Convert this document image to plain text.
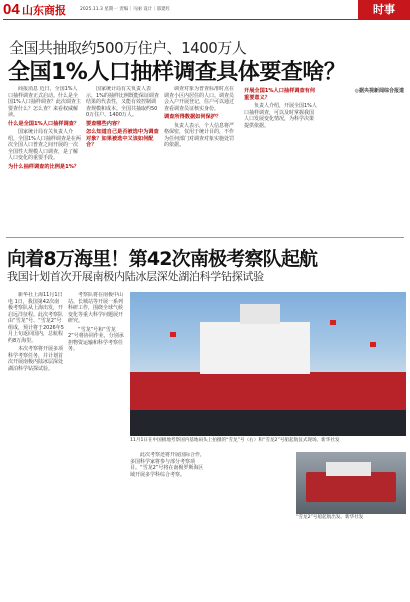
04 山东商报	2025.11.3 星期一 责编｜马丽 设计｜邵建红	时事
全国共抽取约500万住户、1400万人
全国1%人口抽样调查具体要查啥？

商报消息 近日，全国1%人口抽样调查正式启动。什么是全国1%人口抽样调查？此次调查主要查什么？怎么查？来看权威解读。

什么是全国1%人口抽样调查？

国家统计局有关负责人介绍，全国1%人口抽样调查是在两次全国人口普查之间开展的一次全国性大规模人口调查，是了解人口变化的重要手段。

为什么抽样调查的比例是1%？

国家统计局有关负责人表示，1%的抽样比例既能保证调查结果的代表性，又能有效控制调查规模和成本。全国共抽取约500万住户、1400万人。

要查哪些内容？
怎么知道自己是否被选中为调查对象？如果被选中又该如何配合？

调查对象为普查标准时点在调查小区内居住的人口。调查员会入户开展登记，住户可以通过查看调查员证核实身份。

调查所得数据如何保护？

负责人表示，个人信息将严格保密，仅用于统计目的，不作为任何部门对调查对象实施处罚的依据。

开展全国1%人口抽样调查有何重要意义？

负责人介绍，开展全国1%人口抽样调查，可以及时掌握我国人口发展变化情况，为科学决策提供依据。

◎据央视新闻综合报道
向着8万海里！第42次南极考察队起航
我国计划首次开展南极内陆冰层深处湖泊科学钻探试验

新华社上海11月1日电 1日，我国第42次南极考察队从上海出发，开启远洋征程。此次考察队由“雪龙”号、“雪龙2”号组成，预计将于2026年5月上旬返回国内，总航程约8万海里。

本次考察将开展多项科学考察任务，并计划首次开展南极内陆冰层深处湖泊科学钻探试验。

考察队将在南极中山站、长城站等开展一系列科研工作，围绕全球气候变化等重大科学问题展开研究。

“雪龙”号和“雪龙2”号将协同作业，分别承担物资运输和科学考察任务。

11月1日在中国极地考察国内基地码头上拍摄的“雪龙”号（右）和“雪龙2”号船起航仪式现场。新华社发

此次考察还将开展国际合作，多国科学家将参与部分考察项目。“雪龙2”号将在南极罗斯海区域开展多学科综合考察。

“雪龙2”号船起航出发。新华社发
